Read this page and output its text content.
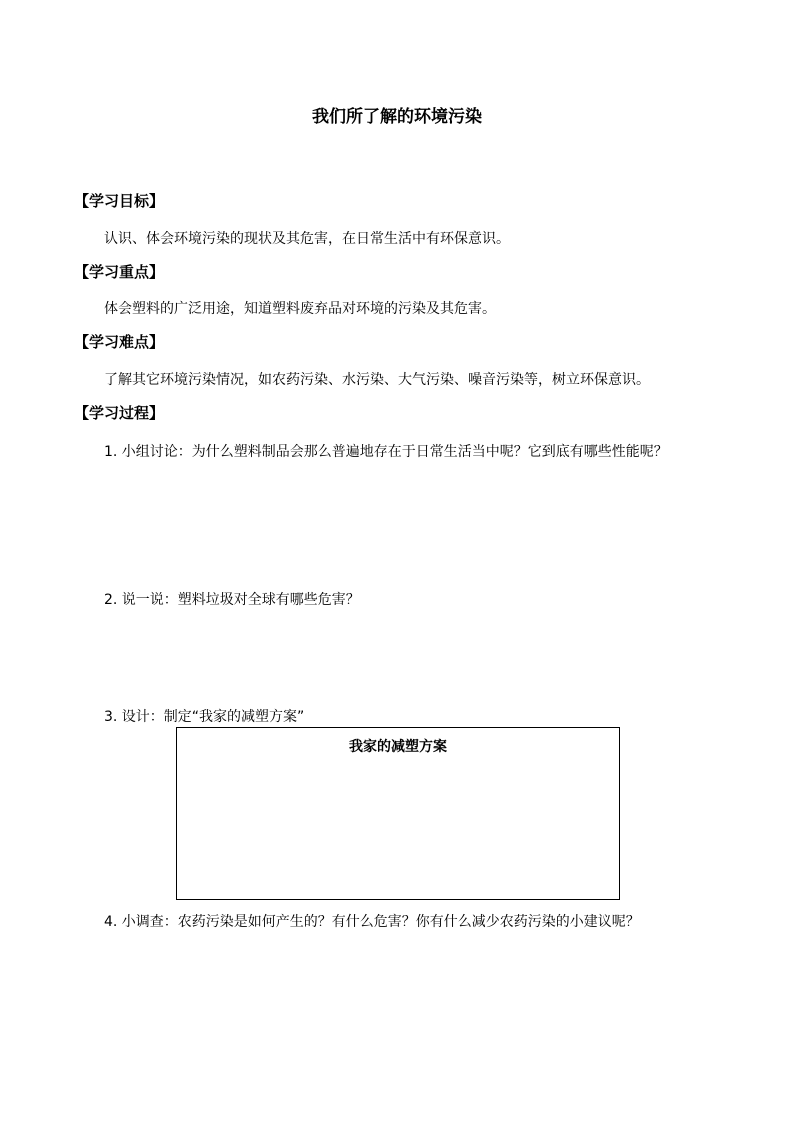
我们所了解的环境污染
【学习目标】
认识、体会环境污染的现状及其危害，在日常生活中有环保意识。
【学习重点】
体会塑料的广泛用途，知道塑料废弃品对环境的污染及其危害。
【学习难点】
了解其它环境污染情况，如农药污染、水污染、大气污染、噪音污染等，树立环保意识。
【学习过程】
1. 小组讨论：为什么塑料制品会那么普遍地存在于日常生活当中呢？它到底有哪些性能呢？
2. 说一说：塑料垃圾对全球有哪些危害？
3. 设计：制定“我家的减塑方案”
我家的减塑方案
4. 小调查：农药污染是如何产生的？有什么危害？你有什么减少农药污染的小建议呢？
